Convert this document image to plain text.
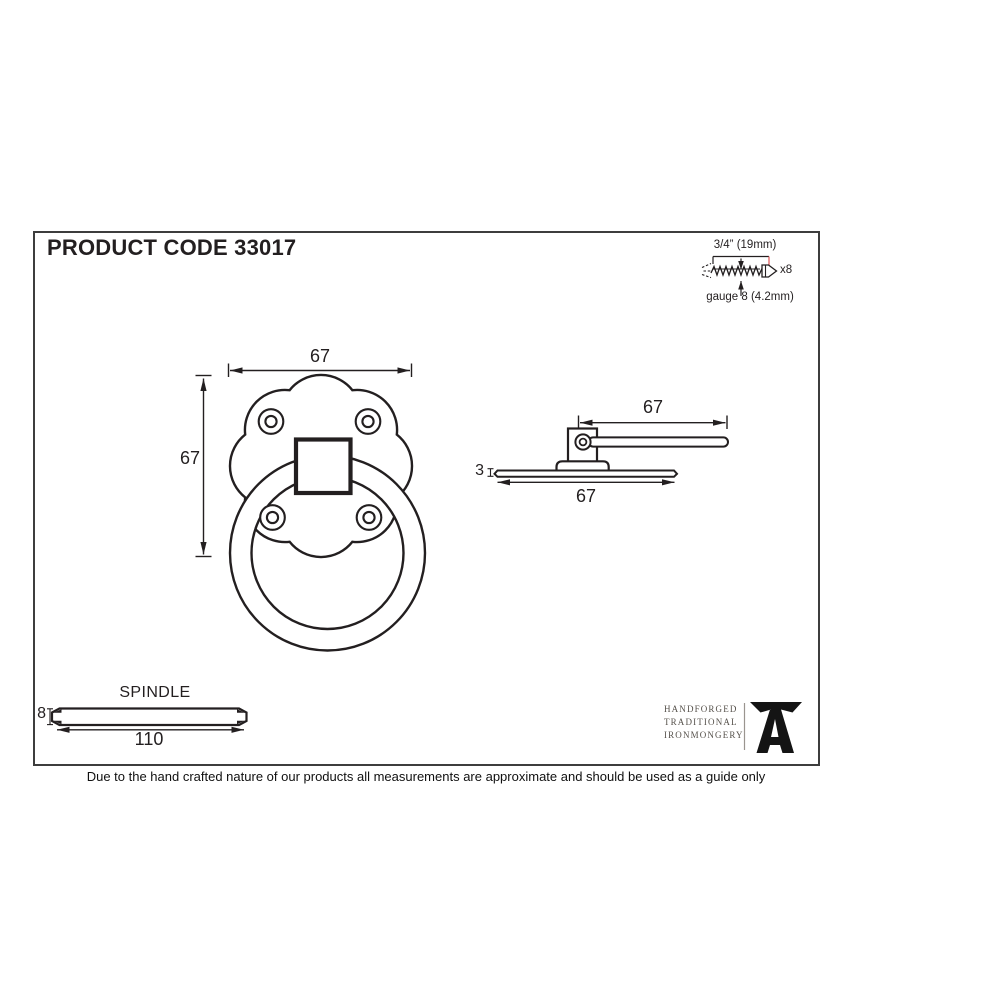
PRODUCT CODE 33017	3/4” (19mm)
x8
gauge 8 (4.2mm)
67
67
67
3
67
SPINDLE
8
110
HANDFORGED
TRADITIONAL
IRONMONGERY
Due to the hand crafted nature of our products all measurements are approximate and should be used as a guide only
